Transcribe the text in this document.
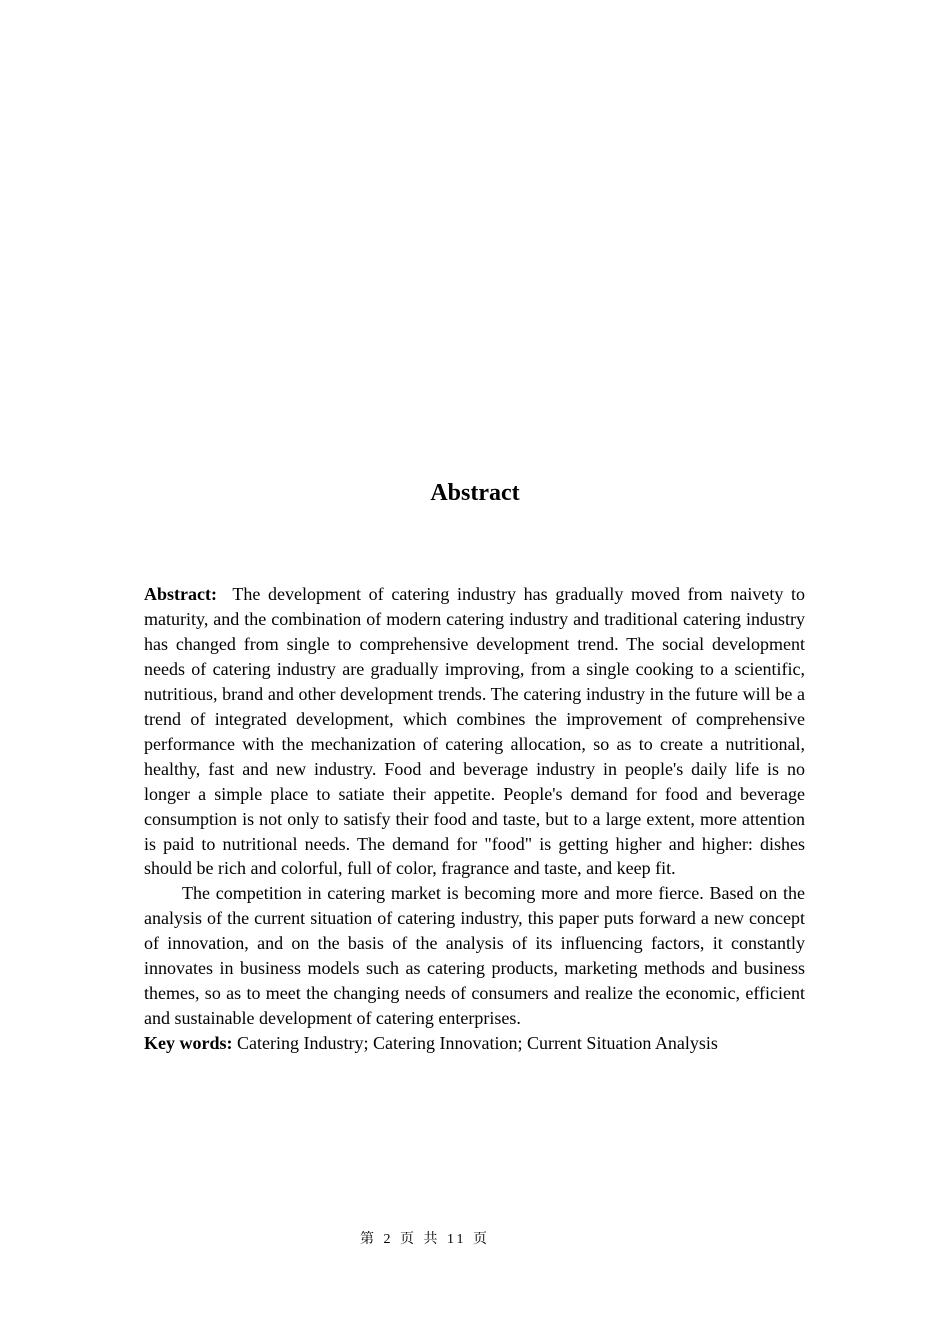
Abstract

Abstract: The development of catering industry has gradually moved from naivety to maturity, and the combination of modern catering industry and traditional catering industry has changed from single to comprehensive development trend. The social development needs of catering industry are gradually improving, from a single cooking to a scientific, nutritious, brand and other development trends. The catering industry in the future will be a trend of integrated development, which combines the improvement of comprehensive performance with the mechanization of catering allocation, so as to create a nutritional, healthy, fast and new industry. Food and beverage industry in people's daily life is no longer a simple place to satiate their appetite. People's demand for food and beverage consumption is not only to satisfy their food and taste, but to a large extent, more attention is paid to nutritional needs. The demand for "food" is getting higher and higher: dishes should be rich and colorful, full of color, fragrance and taste, and keep fit.

The competition in catering market is becoming more and more fierce. Based on the analysis of the current situation of catering industry, this paper puts forward a new concept of innovation, and on the basis of the analysis of its influencing factors, it constantly innovates in business models such as catering products, marketing methods and business themes, so as to meet the changing needs of consumers and realize the economic, efficient and sustainable development of catering enterprises.

Key words: Catering Industry; Catering Innovation; Current Situation Analysis

第 2 页 共 11 页
